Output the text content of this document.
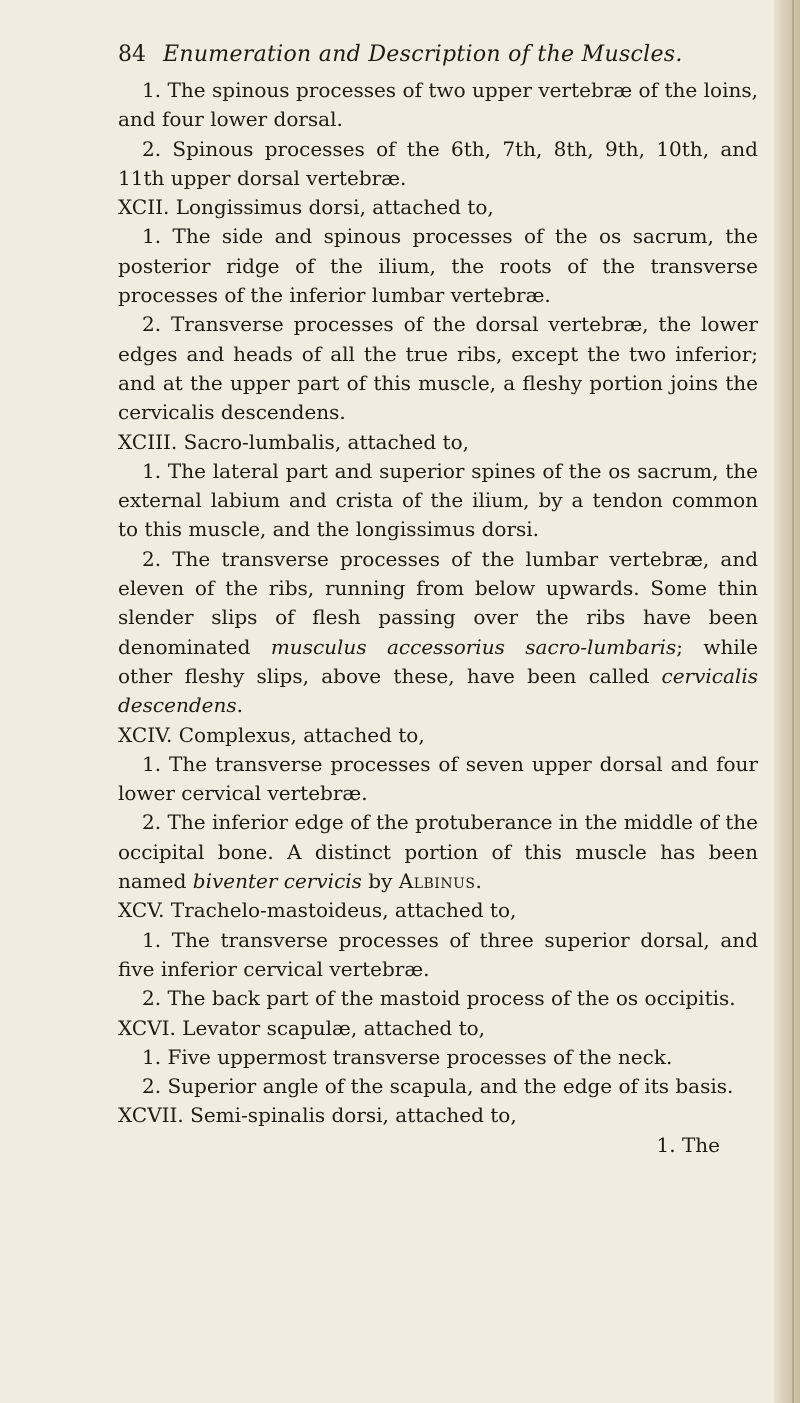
84 Enumeration and Description of the Muscles.

1. The spinous processes of two upper vertebræ of the loins, and four lower dorsal.

2. Spinous processes of the 6th, 7th, 8th, 9th, 10th, and 11th upper dorsal vertebræ.

XCII. Longissimus dorsi, attached to,

1. The side and spinous processes of the os sacrum, the posterior ridge of the ilium, the roots of the transverse processes of the inferior lumbar vertebræ.

2. Transverse processes of the dorsal vertebræ, the lower edges and heads of all the true ribs, except the two inferior; and at the upper part of this muscle, a fleshy portion joins the cervicalis descendens.

XCIII. Sacro-lumbalis, attached to,

1. The lateral part and superior spines of the os sacrum, the external labium and crista of the ilium, by a tendon common to this muscle, and the longissimus dorsi.

2. The transverse processes of the lumbar vertebræ, and eleven of the ribs, running from below upwards. Some thin slender slips of flesh passing over the ribs have been denominated musculus accessorius sacro-lumbaris; while other fleshy slips, above these, have been called cervicalis descendens.

XCIV. Complexus, attached to,

1. The transverse processes of seven upper dorsal and four lower cervical vertebræ.

2. The inferior edge of the protuberance in the middle of the occipital bone. A distinct portion of this muscle has been named biventer cervicis by Albinus.

XCV. Trachelo-mastoideus, attached to,

1. The transverse processes of three superior dorsal, and five inferior cervical vertebræ.

2. The back part of the mastoid process of the os occipitis.

XCVI. Levator scapulæ, attached to,

1. Five uppermost transverse processes of the neck.

2. Superior angle of the scapula, and the edge of its basis.

XCVII. Semi-spinalis dorsi, attached to,

1. The
